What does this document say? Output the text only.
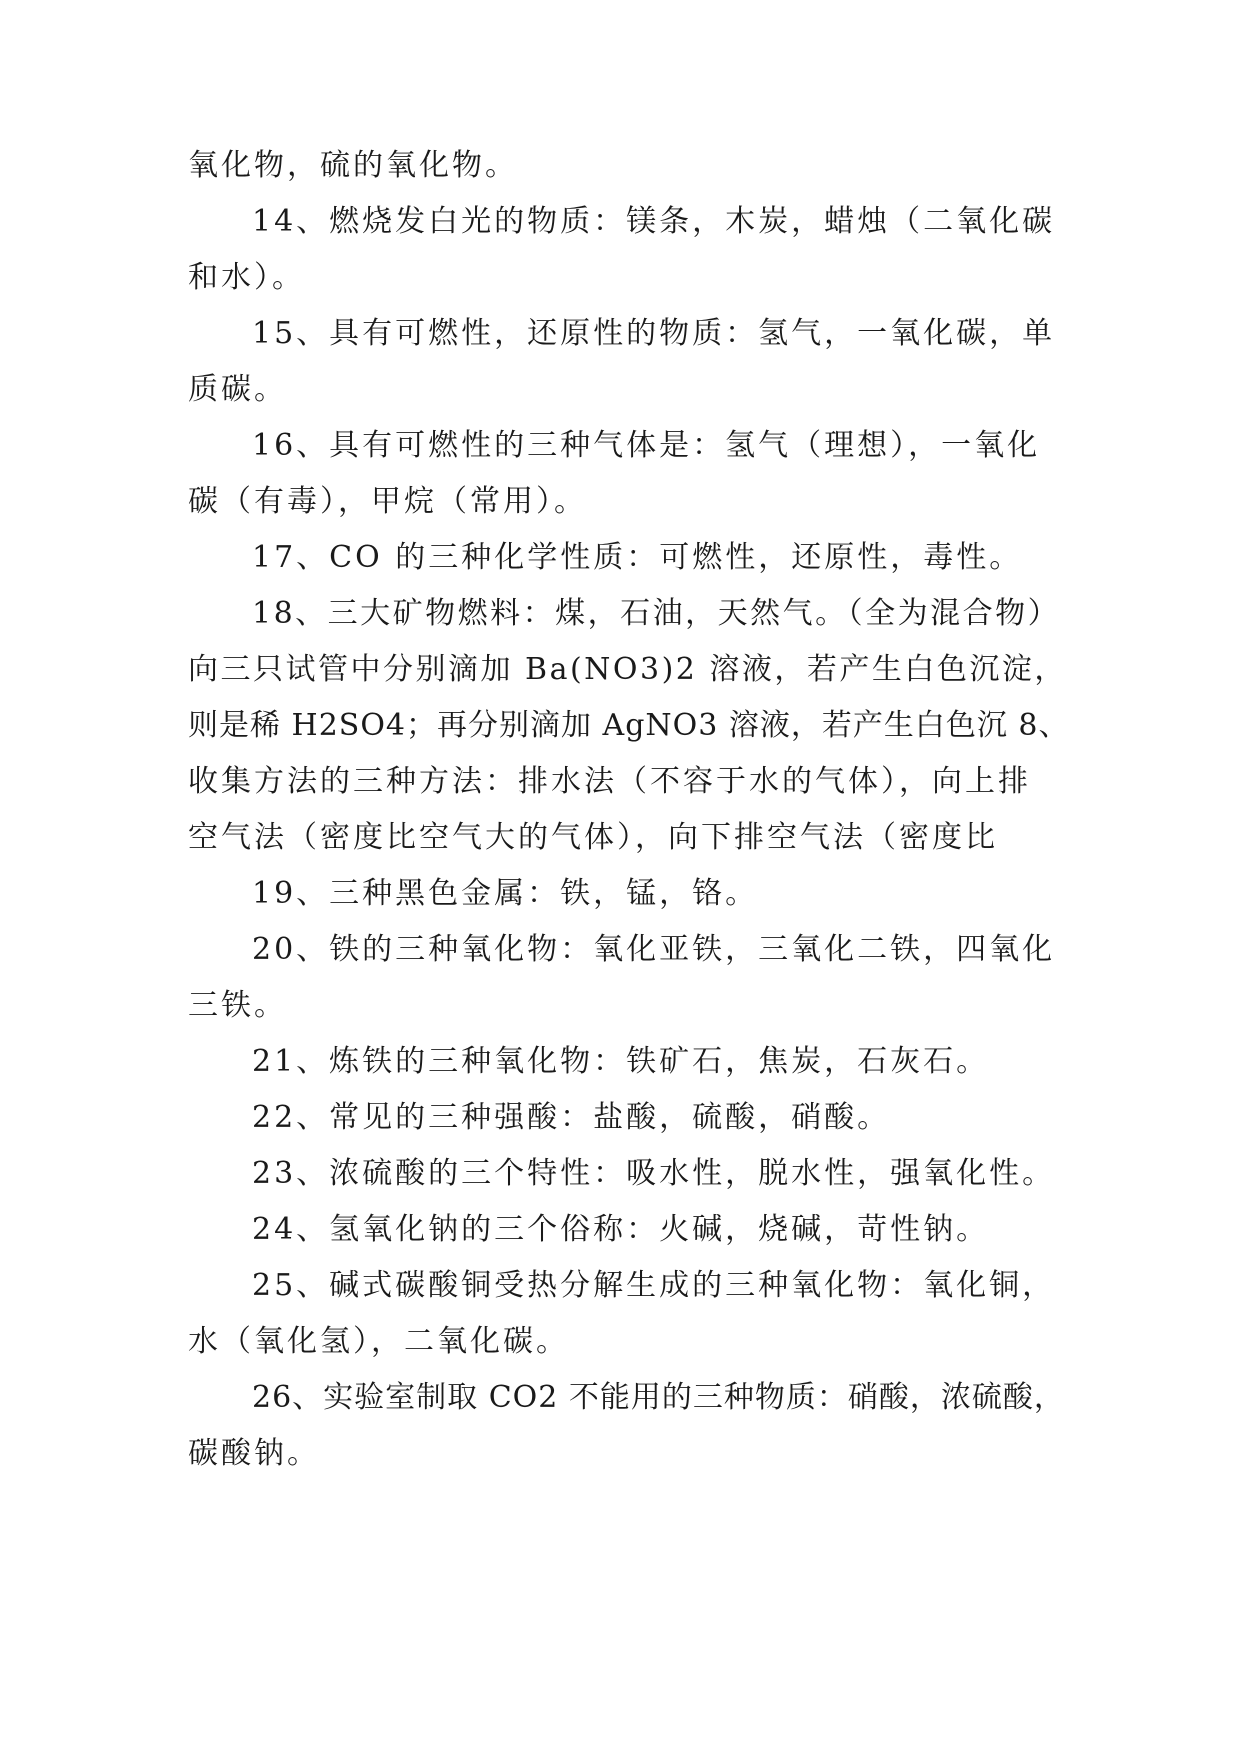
氧化物，硫的氧化物。
14、燃烧发白光的物质：镁条，木炭，蜡烛（二氧化碳
和水）。
15、具有可燃性，还原性的物质：氢气，一氧化碳，单
质碳。
16、具有可燃性的三种气体是：氢气（理想），一氧化
碳（有毒），甲烷（常用）。
17、CO 的三种化学性质：可燃性，还原性，毒性。
18、三大矿物燃料：煤，石油，天然气。（全为混合物）
向三只试管中分别滴加 Ba(NO3)2 溶液，若产生白色沉淀，
则是稀 H2SO4；再分别滴加 AgNO3 溶液，若产生白色沉 8、
收集方法的三种方法：排水法（不容于水的气体），向上排
空气法（密度比空气大的气体），向下排空气法（密度比
19、三种黑色金属：铁，锰，铬。
20、铁的三种氧化物：氧化亚铁，三氧化二铁，四氧化
三铁。
21、炼铁的三种氧化物：铁矿石，焦炭，石灰石。
22、常见的三种强酸：盐酸，硫酸，硝酸。
23、浓硫酸的三个特性：吸水性，脱水性，强氧化性。
24、氢氧化钠的三个俗称：火碱，烧碱，苛性钠。
25、碱式碳酸铜受热分解生成的三种氧化物：氧化铜，
水（氧化氢），二氧化碳。
26、实验室制取 CO2 不能用的三种物质：硝酸，浓硫酸，
碳酸钠。
